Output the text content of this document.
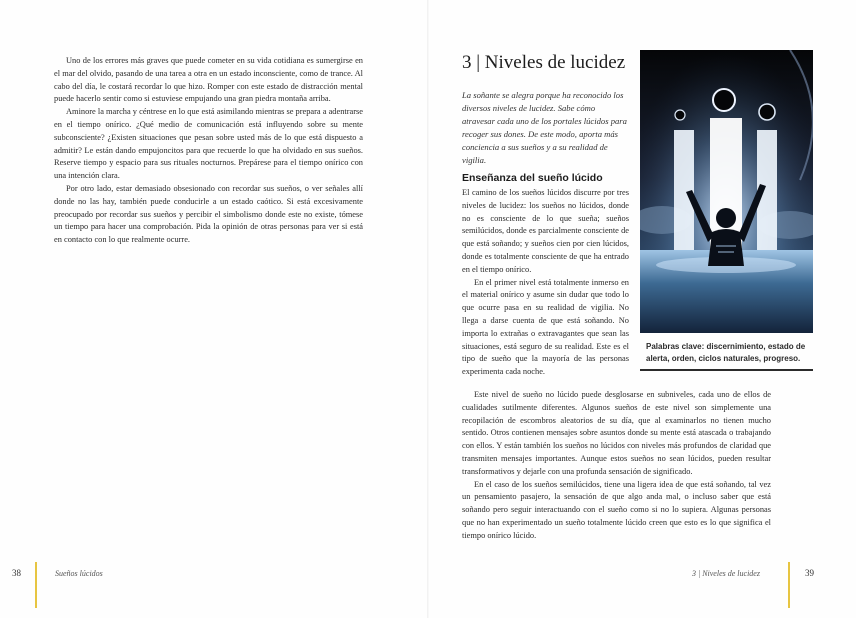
Uno de los errores más graves que puede cometer en su vida cotidiana es sumergirse en el mar del olvido, pasando de una tarea a otra en un estado inconsciente, como de trance. Al cabo del día, le costará recordar lo que hizo. Romper con este estado de distracción mental puede hacerlo sentir como si estuviese empujando una gran piedra montaña arriba.

Aminore la marcha y céntrese en lo que está asimilando mientras se prepara a adentrarse en el tiempo onírico. ¿Qué medio de comunicación está influyendo sobre su mente subconsciente? ¿Existen situaciones que pesan sobre usted más de lo que está dispuesto a admitir? Le están dando empujoncitos para que recuerde lo que ha olvidado en sus sueños. Reserve tiempo y espacio para sus rituales nocturnos. Prepárese para el tiempo onírico con una intención clara.

Por otro lado, estar demasiado obsesionado con recordar sus sueños, o ver señales allí donde no las hay, también puede conducirle a un estado caótico. Si está excesivamente preocupado por recordar sus sueños y percibir el simbolismo donde este no existe, tómese un tiempo para hacer una comprobación. Pida la opinión de otras personas para ver si está en contacto con lo que realmente ocurre.

38	Sueños lúcidos
3 | Niveles de lucidez

La soñante se alegra porque ha reconocido los diversos niveles de lucidez. Sabe cómo atravesar cada uno de los portales lúcidos para recoger sus dones. De este modo, aporta más conciencia a sus sueños y a su realidad de vigilia.

Enseñanza del sueño lúcido

El camino de los sueños lúcidos discurre por tres niveles de lucidez: los sueños no lúcidos, donde no es consciente de lo que sueña; sueños semilúcidos, donde es parcialmente consciente de que está soñando; y sueños cien por cien lúcidos, donde es totalmente consciente de que ha entrado en el tiempo onírico.

En el primer nivel está totalmente inmerso en el material onírico y asume sin dudar que todo lo que ocurre pasa en su realidad de vigilia. No llega a darse cuenta de que está soñando. No importa lo extrañas o extravagantes que sean las situaciones, está seguro de su realidad. Este es el tipo de sueño que la mayoría de las personas experimenta cada noche.

Este nivel de sueño no lúcido puede desglosarse en subniveles, cada uno de ellos de cualidades sutilmente diferentes. Algunos sueños de este nivel son simplemente una recopilación de escombros aleatorios de su día, que al examinarlos no tienen mucho sentido. Otros contienen mensajes sobre asuntos donde su mente está atascada o trabajando con ellos. Y están también los sueños no lúcidos con niveles más profundos de claridad que transmiten mensajes importantes. Aunque estos sueños no sean lúcidos, pueden resultar transformativos y dejarle con una profunda sensación de significado.

En el caso de los sueños semilúcidos, tiene una ligera idea de que está soñando, tal vez un pensamiento pasajero, la sensación de que algo anda mal, o incluso saber que está soñando pero seguir interactuando con el sueño como si no lo supiera. Algunas personas que no han experimentado un sueño totalmente lúcido creen que esto es lo que significa el tiempo onírico lúcido.

Palabras clave: discernimiento, estado de alerta, orden, ciclos naturales, progreso.

3 | Niveles de lucidez	39
